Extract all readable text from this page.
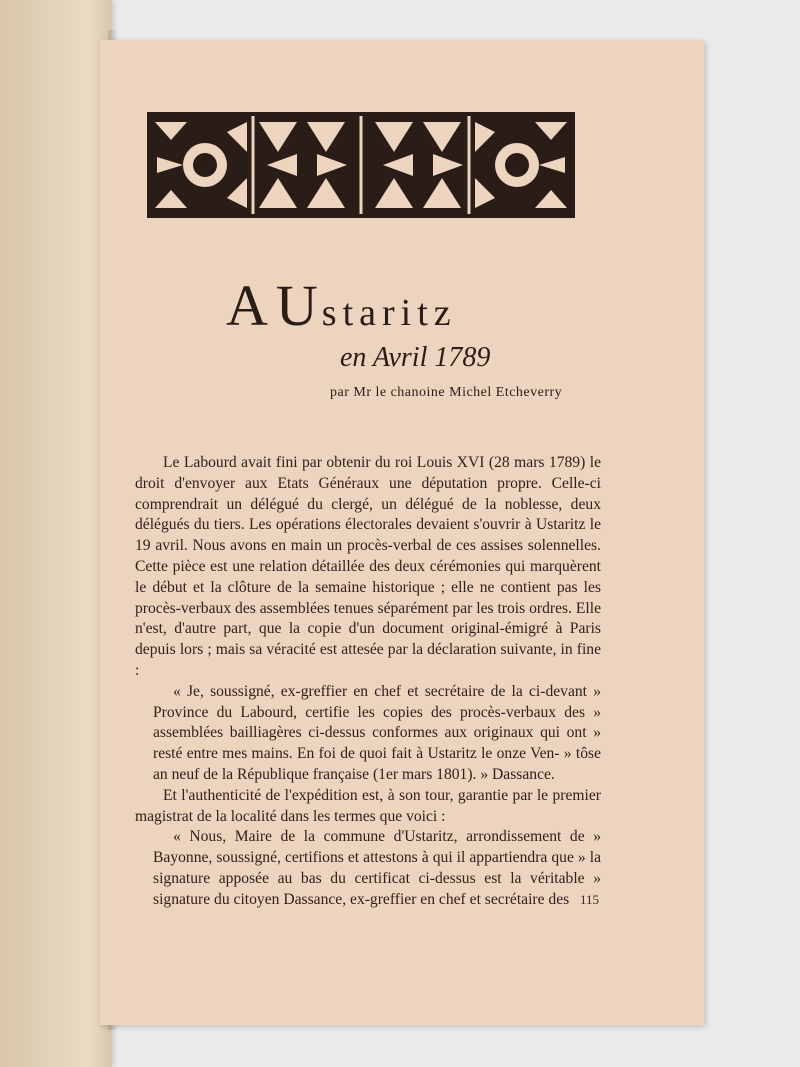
A Ustaritz
en Avril 1789
par Mr le chanoine Michel Etcheverry

Le Labourd avait fini par obtenir du roi Louis XVI (28 mars 1789) le droit d'envoyer aux Etats Généraux une députation propre. Celle-ci comprendrait un délégué du clergé, un délégué de la noblesse, deux délégués du tiers. Les opérations électorales devaient s'ouvrir à Ustaritz le 19 avril. Nous avons en main un procès-verbal de ces assises solennelles. Cette pièce est une relation détaillée des deux cérémonies qui marquèrent le début et la clôture de la semaine historique ; elle ne contient pas les procès-verbaux des assemblées tenues séparément par les trois ordres. Elle n'est, d'autre part, que la copie d'un document original-émigré à Paris depuis lors ; mais sa véracité est attesée par la déclaration suivante, in fine :

« Je, soussigné, ex-greffier en chef et secrétaire de la ci-devant » Province du Labourd, certifie les copies des procès-verbaux des » assemblées bailliagères ci-dessus conformes aux originaux qui ont » resté entre mes mains. En foi de quoi fait à Ustaritz le onze Ven- » tôse an neuf de la République française (1er mars 1801). » Dassance.

Et l'authenticité de l'expédition est, à son tour, garantie par le premier magistrat de la localité dans les termes que voici :

« Nous, Maire de la commune d'Ustaritz, arrondissement de » Bayonne, soussigné, certifions et attestons à qui il appartiendra que » la signature apposée au bas du certificat ci-dessus est la véritable » signature du citoyen Dassance, ex-greffier en chef et secrétaire des 115
